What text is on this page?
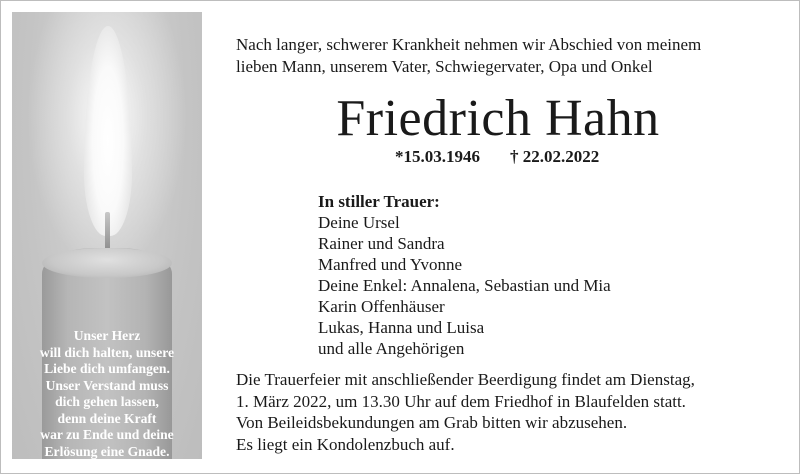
Unser Herz
will dich halten, unsere
Liebe dich umfangen.
Unser Verstand muss
dich gehen lassen,
denn deine Kraft
war zu Ende und deine
Erlösung eine Gnade.
Nach langer, schwerer Krankheit nehmen wir Abschied von meinem
lieben Mann, unserem Vater, Schwiegervater, Opa und Onkel
Friedrich Hahn
*15.03.1946 † 22.02.2022
In stiller Trauer:
Deine Ursel
Rainer und Sandra
Manfred und Yvonne
Deine Enkel: Annalena, Sebastian und Mia
Karin Offenhäuser
Lukas, Hanna und Luisa
und alle Angehörigen
Die Trauerfeier mit anschließender Beerdigung findet am Dienstag,
1. März 2022, um 13.30 Uhr auf dem Friedhof in Blaufelden statt.
Von Beileidsbekundungen am Grab bitten wir abzusehen.
Es liegt ein Kondolenzbuch auf.
